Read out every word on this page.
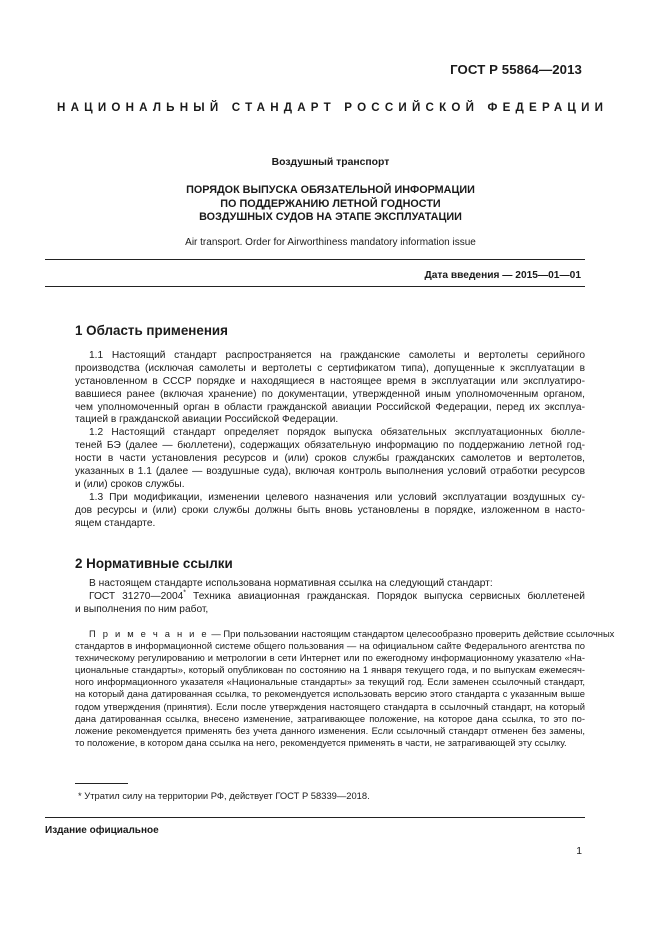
ГОСТ Р 55864—2013
НАЦИОНАЛЬНЫЙ СТАНДАРТ РОССИЙСКОЙ ФЕДЕРАЦИИ
Воздушный транспорт
ПОРЯДОК ВЫПУСКА ОБЯЗАТЕЛЬНОЙ ИНФОРМАЦИИ
ПО ПОДДЕРЖАНИЮ ЛЕТНОЙ ГОДНОСТИ
ВОЗДУШНЫХ СУДОВ НА ЭТАПЕ ЭКСПЛУАТАЦИИ
Air transport. Order for Airworthiness mandatory information issue
Дата введения — 2015—01—01
1 Область применения
1.1 Настоящий стандарт распространяется на гражданские самолеты и вертолеты серийного
производства (исключая самолеты и вертолеты с сертификатом типа), допущенные к эксплуатации в
установленном в СССР порядке и находящиеся в настоящее время в эксплуатации или эксплуатиро-
вавшиеся ранее (включая хранение) по документации, утвержденной иным уполномоченным органом,
чем уполномоченный орган в области гражданской авиации Российской Федерации, перед их эксплуа-
тацией в гражданской авиации Российской Федерации.
1.2 Настоящий стандарт определяет порядок выпуска обязательных эксплуатационных бюлле-
теней БЭ (далее — бюллетени), содержащих обязательную информацию по поддержанию летной год-
ности в части установления ресурсов и (или) сроков службы гражданских самолетов и вертолетов,
указанных в 1.1 (далее — воздушные суда), включая контроль выполнения условий отработки ресурсов
и (или) сроков службы.
1.3 При модификации, изменении целевого назначения или условий эксплуатации воздушных су-
дов ресурсы и (или) сроки службы должны быть вновь установлены в порядке, изложенном в насто-
ящем стандарте.
2 Нормативные ссылки
В настоящем стандарте использована нормативная ссылка на следующий стандарт:
ГОСТ 31270—2004* Техника авиационная гражданская. Порядок выпуска сервисных бюллетеней
и выполнения по ним работ,
П р и м е ч а н и е — При пользовании настоящим стандартом целесообразно проверить действие ссылочных
стандартов в информационной системе общего пользования — на официальном сайте Федерального агентства по
техническому регулированию и метрологии в сети Интернет или по ежегодному информационному указателю «На-
циональные стандарты», который опубликован по состоянию на 1 января текущего года, и по выпускам ежемесяч-
ного информационного указателя «Национальные стандарты» за текущий год. Если заменен ссылочный стандарт,
на который дана датированная ссылка, то рекомендуется использовать версию этого стандарта с указанным выше
годом утверждения (принятия). Если после утверждения настоящего стандарта в ссылочный стандарт, на который
дана датированная ссылка, внесено изменение, затрагивающее положение, на которое дана ссылка, то это по-
ложение рекомендуется применять без учета данного изменения. Если ссылочный стандарт отменен без замены,
то положение, в котором дана ссылка на него, рекомендуется применять в части, не затрагивающей эту ссылку.
* Утратил силу на территории РФ, действует ГОСТ Р 58339—2018.
Издание официальное
1
